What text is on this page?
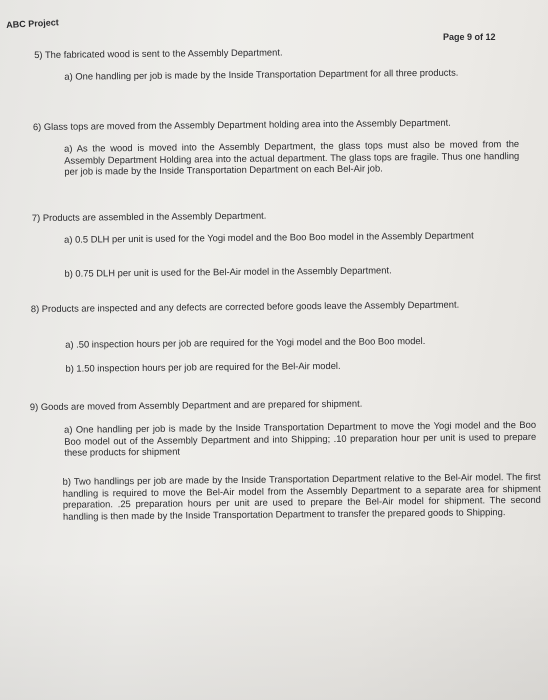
ABC Project
Page 9 of 12

5) The fabricated wood is sent to the Assembly Department.

a) One handling per job is made by the Inside Transportation Department for all three products.

6) Glass tops are moved from the Assembly Department holding area into the Assembly Department.

a) As the wood is moved into the Assembly Department, the glass tops must also be moved from the Assembly Department Holding area into the actual department. The glass tops are fragile. Thus one handling per job is made by the Inside Transportation Department on each Bel-Air job.

7) Products are assembled in the Assembly Department.

a) 0.5 DLH per unit is used for the Yogi model and the Boo Boo model in the Assembly Department

b) 0.75 DLH per unit is used for the Bel-Air model in the Assembly Department.

8) Products are inspected and any defects are corrected before goods leave the Assembly Department.

a) .50 inspection hours per job are required for the Yogi model and the Boo Boo model.

b) 1.50 inspection hours per job are required for the Bel-Air model.

9) Goods are moved from Assembly Department and are prepared for shipment.

a) One handling per job is made by the Inside Transportation Department to move the Yogi model and the Boo Boo model out of the Assembly Department and into Shipping; .10 preparation hour per unit is used to prepare these products for shipment

b) Two handlings per job are made by the Inside Transportation Department relative to the Bel-Air model. The first handling is required to move the Bel-Air model from the Assembly Department to a separate area for shipment preparation. .25 preparation hours per unit are used to prepare the Bel-Air model for shipment. The second handling is then made by the Inside Transportation Department to transfer the prepared goods to Shipping.
